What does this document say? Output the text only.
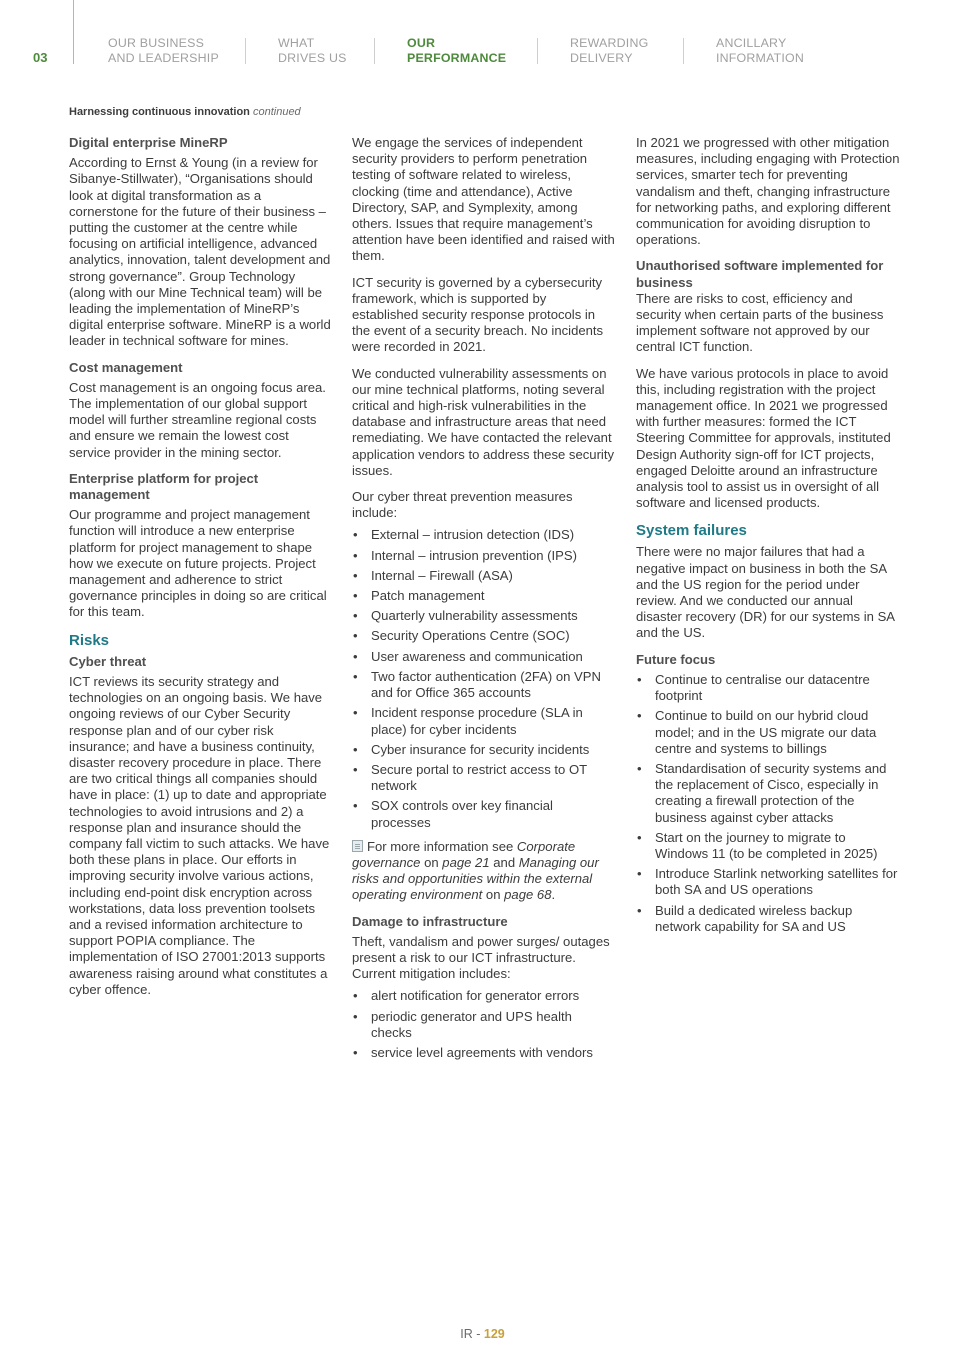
03
OUR BUSINESS
AND LEADERSHIP
WHAT
DRIVES US
OUR
PERFORMANCE
REWARDING
DELIVERY
ANCILLARY
INFORMATION
Harnessing continuous innovation continued
Digital enterprise MineRP

According to Ernst & Young (in a review for Sibanye-Stillwater), “Organisations should look at digital transformation as a cornerstone for the future of their business – putting the customer at the centre while focusing on artificial intelligence, advanced analytics, innovation, talent development and strong governance”. Group Technology (along with our Mine Technical team) will be leading the implementation of MineRP’s digital enterprise software. MineRP is a world leader in technical software for mines.

Cost management

Cost management is an ongoing focus area. The implementation of our global support model will further streamline regional costs and ensure we remain the lowest cost service provider in the mining sector.

Enterprise platform for project management

Our programme and project management function will introduce a new enterprise platform for project management to shape how we execute on future projects. Project management and adherence to strict governance principles in doing so are critical for this team.

Risks
Cyber threat

ICT reviews its security strategy and technologies on an ongoing basis. We have ongoing reviews of our Cyber Security response plan and of our cyber risk insurance; and have a business continuity, disaster recovery procedure in place. There are two critical things all companies should have in place: (1) up to date and appropriate technologies to avoid intrusions and 2) a response plan and insurance should the company fall victim to such attacks. We have both these plans in place. Our efforts in improving security involve various actions, including end-point disk encryption across workstations, data loss prevention toolsets and a revised information architecture to support POPIA compliance. The implementation of ISO 27001:2013 supports awareness raising around what constitutes a cyber offence.

We engage the services of independent security providers to perform penetration testing of software related to wireless, clocking (time and attendance), Active Directory, SAP, and Symplexity, among others. Issues that require management’s attention have been identified and raised with them.

ICT security is governed by a cybersecurity framework, which is supported by established security response protocols in the event of a security breach. No incidents were recorded in 2021.

We conducted vulnerability assessments on our mine technical platforms, noting several critical and high-risk vulnerabilities in the database and infrastructure areas that need remediating. We have contacted the relevant application vendors to address these security issues.

Our cyber threat prevention measures include:

• External – intrusion detection (IDS)
• Internal – intrusion prevention (IPS)
• Internal – Firewall (ASA)
• Patch management
• Quarterly vulnerability assessments
• Security Operations Centre (SOC)
• User awareness and communication
• Two factor authentication (2FA) on VPN and for Office 365 accounts
• Incident response procedure (SLA in place) for cyber incidents
• Cyber insurance for security incidents
• Secure portal to restrict access to OT network
• SOX controls over key financial processes

For more information see Corporate governance on page 21 and Managing our risks and opportunities within the external operating environment on page 68.

Damage to infrastructure

Theft, vandalism and power surges/ outages present a risk to our ICT infrastructure. Current mitigation includes:

• alert notification for generator errors
• periodic generator and UPS health checks
• service level agreements with vendors

In 2021 we progressed with other mitigation measures, including engaging with Protection services, smarter tech for preventing vandalism and theft, changing infrastructure for networking paths, and exploring different communication for avoiding disruption to operations.

Unauthorised software implemented for business

There are risks to cost, efficiency and security when certain parts of the business implement software not approved by our central ICT function.

We have various protocols in place to avoid this, including registration with the project management office. In 2021 we progressed with further measures: formed the ICT Steering Committee for approvals, instituted Design Authority sign-off for ICT projects, engaged Deloitte around an infrastructure analysis tool to assist us in oversight of all software and licensed products.

System failures

There were no major failures that had a negative impact on business in both the SA and the US region for the period under review. And we conducted our annual disaster recovery (DR) for our systems in SA and the US.

Future focus
• Continue to centralise our datacentre footprint
• Continue to build on our hybrid cloud model; and in the US migrate our data centre and systems to billings
• Standardisation of security systems and the replacement of Cisco, especially in creating a firewall protection of the business against cyber attacks
• Start on the journey to migrate to Windows 11 (to be completed in 2025)
• Introduce Starlink networking satellites for both SA and US operations
• Build a dedicated wireless backup network capability for SA and US
IR - 129
